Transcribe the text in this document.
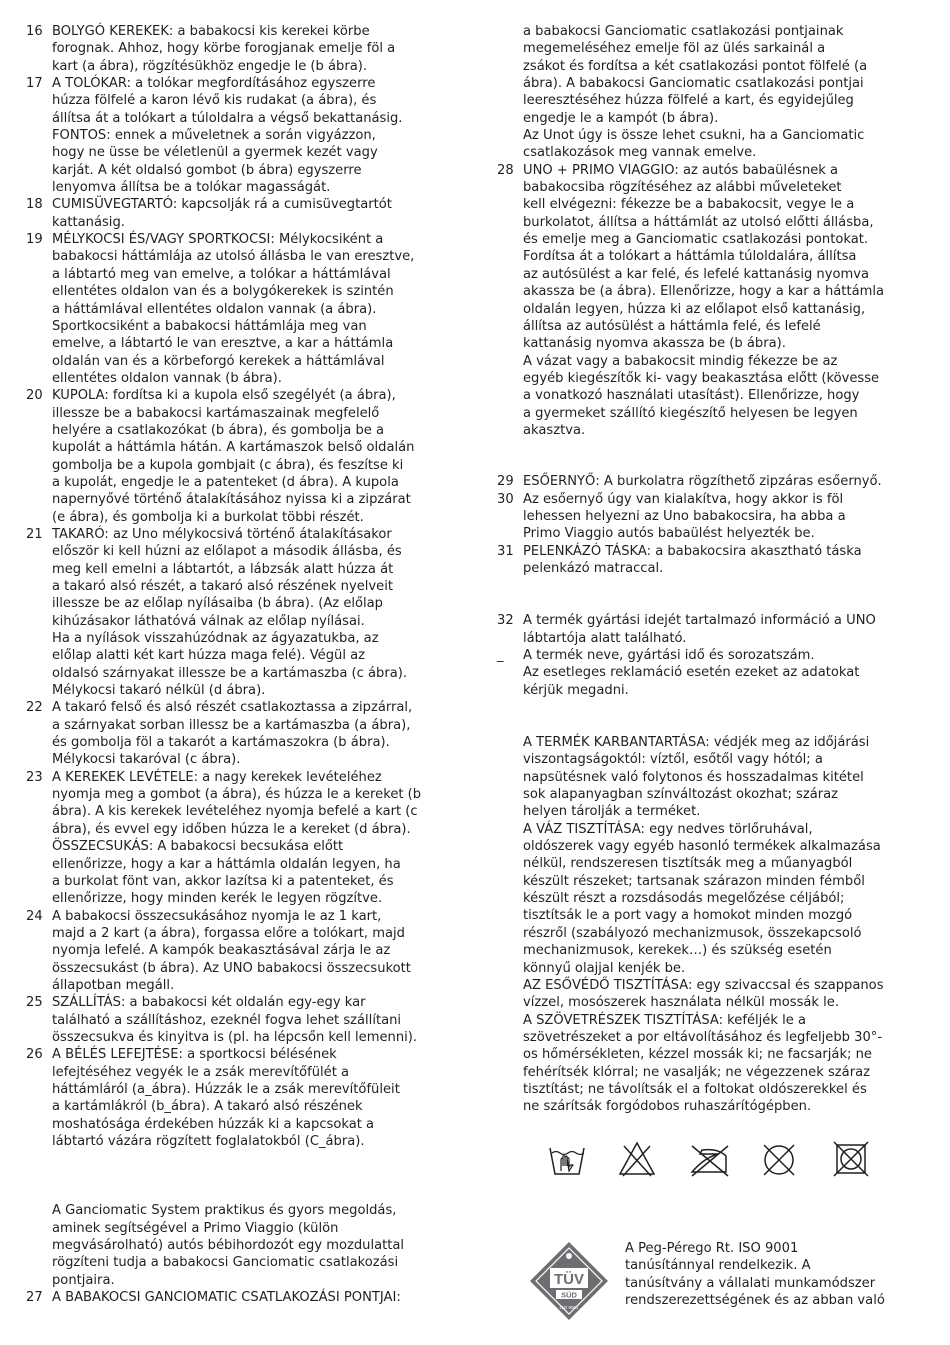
16 BOLYGÓ KEREKEK: a babakocsi kis kerekei körbe
forognak. Ahhoz, hogy körbe forogjanak emelje föl a
kart (a ábra), rögzítésükhöz engedje le (b ábra).
17 A TOLÓKAR: a tolókar megfordításához egyszerre
húzza fölfelé a karon lévő kis rudakat (a ábra), és
állítsa át a tolókart a túloldalra a végső bekattanásig.
FONTOS: ennek a műveletnek a során vigyázzon,
hogy ne üsse be véletlenül a gyermek kezét vagy
karját. A két oldalsó gombot (b ábra) egyszerre
lenyomva állítsa be a tolókar magasságát.
18 CUMISÜVEGTARTÓ: kapcsolják rá a cumisüvegtartót
kattanásig.
19 MÉLYKOCSI ÉS/VAGY SPORTKOCSI: Mélykocsiként a
babakocsi háttámlája az utolsó állásba le van eresztve,
a lábtartó meg van emelve, a tolókar a háttámlával
ellentétes oldalon van és a bolygókerekek is szintén
a háttámlával ellentétes oldalon vannak (a ábra).
Sportkocsiként a babakocsi háttámlája meg van
emelve, a lábtartó le van eresztve, a kar a háttámla
oldalán van és a körbeforgó kerekek a háttámlával
ellentétes oldalon vannak (b ábra).
20 KUPOLA: fordítsa ki a kupola első szegélyét (a ábra),
illessze be a babakocsi kartámaszainak megfelelő
helyére a csatlakozókat (b ábra), és gombolja be a
kupolát a háttámla hátán. A kartámaszok belső oldalán
gombolja be a kupola gombjait (c ábra), és feszítse ki
a kupolát, engedje le a patenteket (d ábra). A kupola
napernyővé történő átalakításához nyissa ki a zipzárat
(e ábra), és gombolja ki a burkolat többi részét.
21 TAKARÓ: az Uno mélykocsivá történő átalakításakor
először ki kell húzni az előlapot a második állásba, és
meg kell emelni a lábtartót, a lábzsák alatt húzza át
a takaró alsó részét, a takaró alsó részének nyelveit
illessze be az előlap nyílásaiba (b ábra). (Az előlap
kihúzásakor láthatóvá válnak az előlap nyílásai.
Ha a nyílások visszahúzódnak az ágyazatukba, az
előlap alatti két kart húzza maga felé). Végül az
oldalsó szárnyakat illessze be a kartámaszba (c ábra).
Mélykocsi takaró nélkül (d ábra).
22 A takaró felső és alsó részét csatlakoztassa a zipzárral,
a szárnyakat sorban illessz be a kartámaszba (a ábra),
és gombolja föl a takarót a kartámaszokra (b ábra).
Mélykocsi takaróval (c ábra).
23 A KEREKEK LEVÉTELE: a nagy kerekek levételéhez
nyomja meg a gombot (a ábra), és húzza le a kereket (b
ábra). A kis kerekek levételéhez nyomja befelé a kart (c
ábra), és evvel egy időben húzza le a kereket (d ábra).
ÖSSZECSUKÁS: A babakocsi becsukása előtt
ellenőrizze, hogy a kar a háttámla oldalán legyen, ha
a burkolat fönt van, akkor lazítsa ki a patenteket, és
ellenőrizze, hogy minden kerék le legyen rögzítve.
24 A babakocsi összecsukásához nyomja le az 1 kart,
majd a 2 kart (a ábra), forgassa előre a tolókart, majd
nyomja lefelé. A kampók beakasztásával zárja le az
összecsukást (b ábra). Az UNO babakocsi összecsukott
állapotban megáll.
25 SZÁLLÍTÁS: a babakocsi két oldalán egy-egy kar
található a szállításhoz, ezeknél fogva lehet szállítani
összecsukva és kinyitva is (pl. ha lépcsőn kell lemenni).
26 A BÉLÉS LEFEJTÉSE: a sportkocsi bélésének
lefejtéséhez vegyék le a zsák merevítőfülét a
háttámláról (a_ábra). Húzzák le a zsák merevítőfüleit
a kartámlákról (b_ábra). A takaró alsó részének
moshatósága érdekében húzzák ki a kapcsokat a
lábtartó vázára rögzített foglalatokból (C_ábra).
A Ganciomatic System praktikus és gyors megoldás,
aminek segítségével a Primo Viaggio (külön
megvásárolható) autós bébihordozót egy mozdulattal
rögzíteni tudja a babakocsi Ganciomatic csatlakozási
pontjaira.
27 A BABAKOCSI GANCIOMATIC CSATLAKOZÁSI PONTJAI:
a babakocsi Ganciomatic csatlakozási pontjainak
megemeléséhez emelje föl az ülés sarkainál a
zsákot és fordítsa a két csatlakozási pontot fölfelé (a
ábra). A babakocsi Ganciomatic csatlakozási pontjai
leeresztéséhez húzza fölfelé a kart, és egyidejűleg
engedje le a kampót (b ábra).
Az Unot úgy is össze lehet csukni, ha a Ganciomatic
csatlakozások meg vannak emelve.
28 UNO + PRIMO VIAGGIO: az autós babaülésnek a
babakocsiba rögzítéséhez az alábbi műveleteket
kell elvégezni: fékezze be a babakocsit, vegye le a
burkolatot, állítsa a háttámlát az utolsó előtti állásba,
és emelje meg a Ganciomatic csatlakozási pontokat.
Fordítsa át a tolókart a háttámla túloldalára, állítsa
az autósülést a kar felé, és lefelé kattanásig nyomva
akassza be (a ábra). Ellenőrizze, hogy a kar a háttámla
oldalán legyen, húzza ki az előlapot első kattanásig,
állítsa az autósülést a háttámla felé, és lefelé
kattanásig nyomva akassza be (b ábra).
A vázat vagy a babakocsit mindig fékezze be az
egyéb kiegészítők ki- vagy beakasztása előtt (kövesse
a vonatkozó használati utasítást). Ellenőrizze, hogy
a gyermeket szállító kiegészítő helyesen be legyen
akasztva.
29 ESŐERNYŐ: A burkolatra rögzíthető zipzáras esőernyő.
30 Az esőernyő úgy van kialakítva, hogy akkor is föl
lehessen helyezni az Uno babakocsira, ha abba a
Primo Viaggio autós babaülést helyezték be.
31 PELENKÁZÓ TÁSKA: a babakocsira akasztható táska
pelenkázó matraccal.
32 A termék gyártási idejét tartalmazó információ a UNO
lábtartója alatt található.
_	A termék neve, gyártási idő és sorozatszám.
Az esetleges reklamáció esetén ezeket az adatokat
kérjük megadni.
A TERMÉK KARBANTARTÁSA: védjék meg az időjárási
viszontagságoktól: víztől, esőtől vagy hótól; a
napsütésnek való folytonos és hosszadalmas kitétel
sok alapanyagban színváltozást okozhat; száraz
helyen tárolják a terméket.
A VÁZ TISZTÍTÁSA: egy nedves törlőruhával,
oldószerek vagy egyéb hasonló termékek alkalmazása
nélkül, rendszeresen tisztítsák meg a műanyagból
készült részeket; tartsanak szárazon minden fémből
készült részt a rozsdásodás megelőzése céljából;
tisztítsák le a port vagy a homokot minden mozgó
részről (szabályozó mechanizmusok, összekapcsoló
mechanizmusok, kerekek…) és szükség esetén
könnyű olajjal kenjék be.
AZ ESŐVÉDŐ TISZTÍTÁSA: egy szivaccsal és szappanos
vízzel, mosószerek használata nélkül mossák le.
A SZÖVETRÉSZEK TISZTÍTÁSA: keféljék le a
szövetrészeket a por eltávolításához és legfeljebb 30°-
os hőmérsékleten, kézzel mossák ki; ne facsarják; ne
fehérítsék klórral; ne vasalják; ne végezzenek száraz
tisztítást; ne távolítsák el a foltokat oldószerekkel és
ne szárítsák forgódobos ruhaszárítógépben.
TÜV
SÜD
ISO 9001
A Peg-Pérego Rt. ISO 9001
tanúsítánnyal rendelkezik. A
tanúsítvány a vállalati munkamódszer
rendszerezettségének és az abban való
